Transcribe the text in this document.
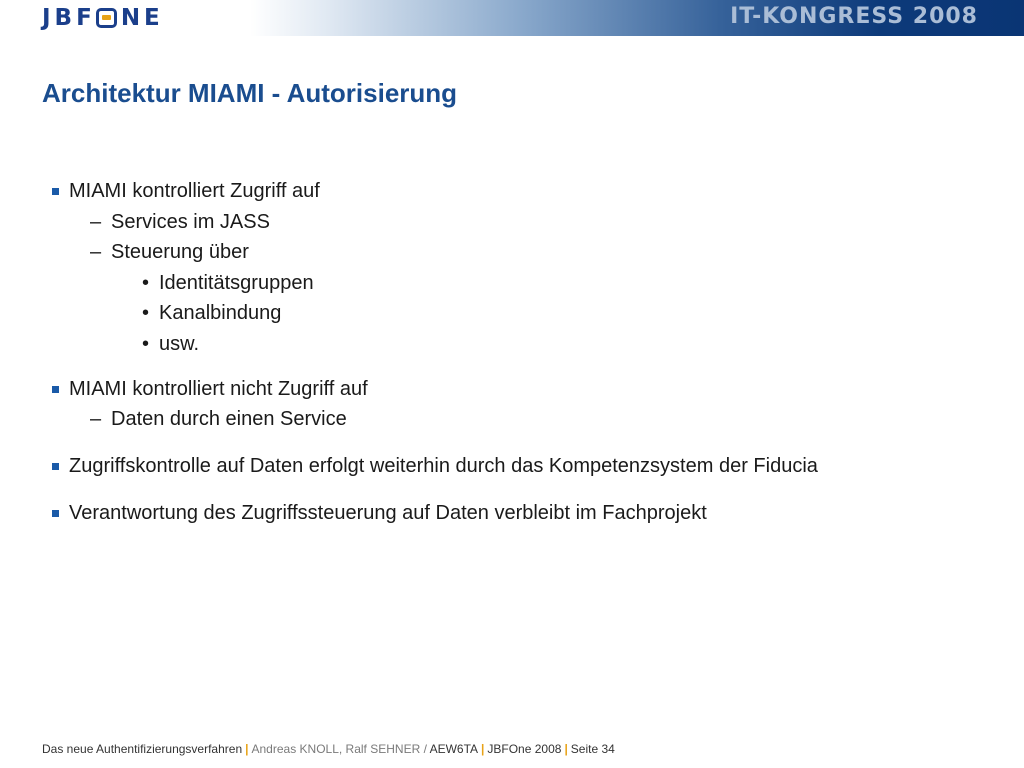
JBF NE	IT-KONGRESS 2008
Architektur MIAMI - Autorisierung
MIAMI kontrolliert Zugriff auf
– Services im JASS
– Steuerung über
• Identitätsgruppen
• Kanalbindung
• usw.
MIAMI kontrolliert nicht Zugriff auf
– Daten durch einen Service
Zugriffskontrolle auf Daten erfolgt weiterhin durch das Kompetenzsystem der Fiducia
Verantwortung des Zugriffssteuerung auf Daten verbleibt im Fachprojekt
Das neue Authentifizierungsverfahren | Andreas KNOLL, Ralf SEHNER / AEW6TA | JBFOne 2008 | Seite 34
